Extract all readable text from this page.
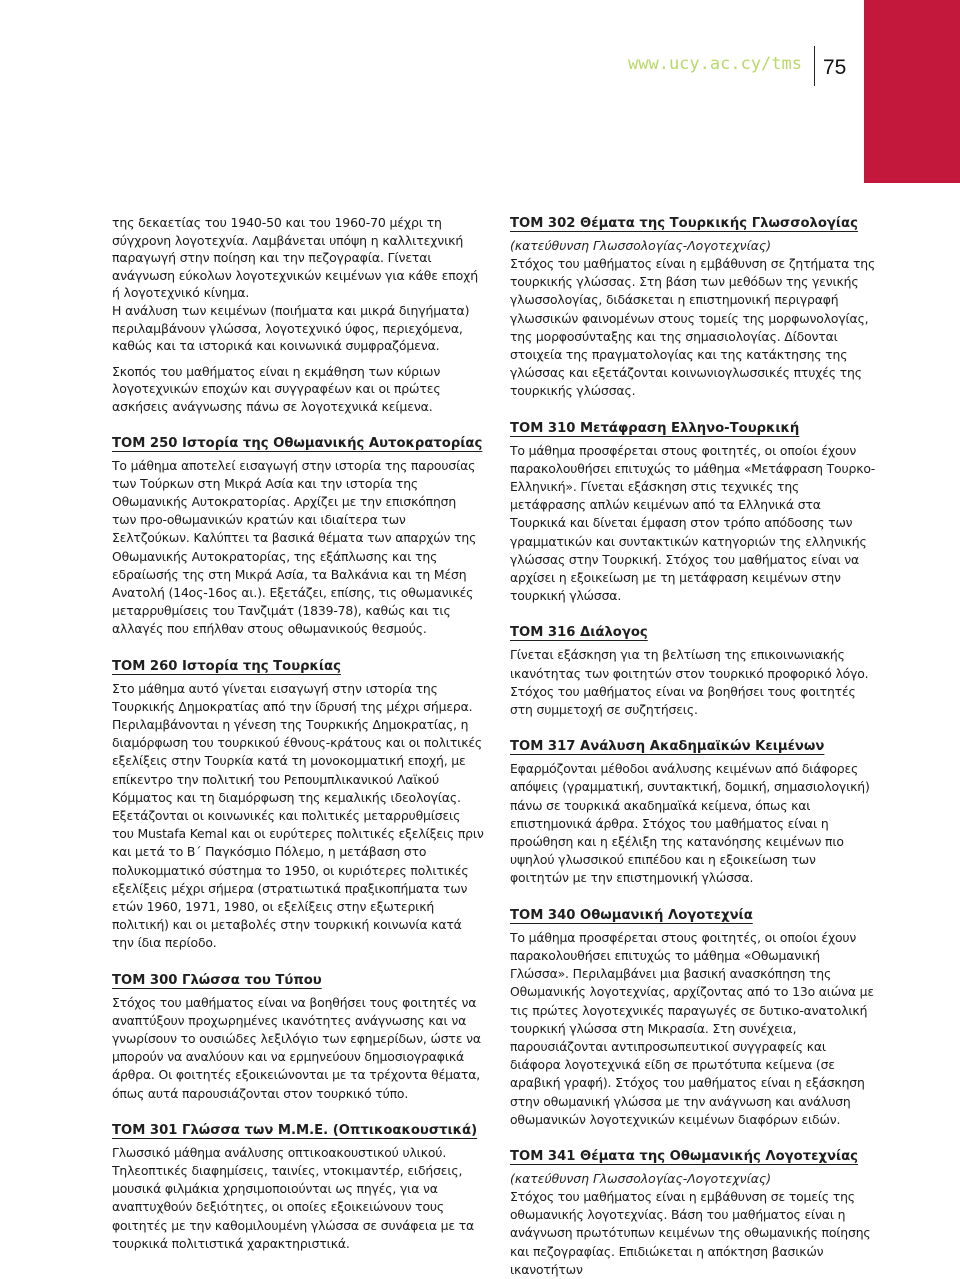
www.ucy.ac.cy/tms 75

της δεκαετίας του 1940-50 και του 1960-70 μέχρι τη σύγχρονη λογοτεχνία. Λαμβάνεται υπόψη η καλλιτεχνική παραγωγή στην ποίηση και την πεζογραφία. Γίνεται ανάγνωση εύκολων λογοτεχνικών κειμένων για κάθε εποχή ή λογοτεχνικό κίνημα.

Η ανάλυση των κειμένων (ποιήματα και μικρά διηγήματα) περιλαμβάνουν γλώσσα, λογοτεχνικό ύφος, περιεχόμενα, καθώς και τα ιστορικά και κοινωνικά συμφραζόμενα.

Σκοπός του μαθήματος είναι η εκμάθηση των κύριων λογοτεχνικών εποχών και συγγραφέων και οι πρώτες ασκήσεις ανάγνωσης πάνω σε λογοτεχνικά κείμενα.

ΤΟΜ 250 Ιστορία της Οθωμανικής Αυτοκρατορίας

Το μάθημα αποτελεί εισαγωγή στην ιστορία της παρουσίας των Τούρκων στη Μικρά Ασία και την ιστορία της Οθωμανικής Αυτοκρατορίας. Αρχίζει με την επισκόπηση των προ-οθωμανικών κρατών και ιδιαίτερα των Σελτζούκων. Καλύπτει τα βασικά θέματα των απαρχών της Οθωμανικής Αυτοκρατορίας, της εξάπλωσης και της εδραίωσής της στη Μικρά Ασία, τα Βαλκάνια και τη Μέση Ανατολή (14ος-16ος αι.). Εξετάζει, επίσης, τις οθωμανικές μεταρρυθμίσεις του Τανζιμάτ (1839-78), καθώς και τις αλλαγές που επήλθαν στους οθωμανικούς θεσμούς.

ΤΟΜ 260 Ιστορία της Τουρκίας

Στο μάθημα αυτό γίνεται εισαγωγή στην ιστορία της Τουρκικής Δημοκρατίας από την ίδρυσή της μέχρι σήμερα. Περιλαμβάνονται η γένεση της Τουρκικής Δημοκρατίας, η διαμόρφωση του τουρκικού έθνους-κράτους και οι πολιτικές εξελίξεις στην Τουρκία κατά τη μονοκομματική εποχή, με επίκεντρο την πολιτική του Ρεπουμπλικανικού Λαϊκού Κόμματος και τη διαμόρφωση της κεμαλικής ιδεολογίας. Εξετάζονται οι κοινωνικές και πολιτικές μεταρρυθμίσεις του Mustafa Kemal και οι ευρύτερες πολιτικές εξελίξεις πριν και μετά το Β΄ Παγκόσμιο Πόλεμο, η μετάβαση στο πολυκομματικό σύστημα το 1950, οι κυριότερες πολιτικές εξελίξεις μέχρι σήμερα (στρατιωτικά πραξικοπήματα των ετών 1960, 1971, 1980, οι εξελίξεις στην εξωτερική πολιτική) και οι μεταβολές στην τουρκική κοινωνία κατά την ίδια περίοδο.

ΤΟΜ 300 Γλώσσα του Τύπου

Στόχος του μαθήματος είναι να βοηθήσει τους φοιτητές να αναπτύξουν προχωρημένες ικανότητες ανάγνωσης και να γνωρίσουν το ουσιώδες λεξιλόγιο των εφημερίδων, ώστε να μπορούν να αναλύουν και να ερμηνεύουν δημοσιογραφικά άρθρα. Οι φοιτητές εξοικειώνονται με τα τρέχοντα θέματα, όπως αυτά παρουσιάζονται στον τουρκικό τύπο.

ΤΟΜ 301 Γλώσσα των Μ.Μ.Ε. (Οπτικοακουστικά)

Γλωσσικό μάθημα ανάλυσης οπτικοακουστικού υλικού. Τηλεοπτικές διαφημίσεις, ταινίες, ντοκιμαντέρ, ειδήσεις, μουσικά φιλμάκια χρησιμοποιούνται ως πηγές, για να αναπτυχθούν δεξιότητες, οι οποίες εξοικειώνουν τους φοιτητές με την καθομιλουμένη γλώσσα σε συνάφεια με τα τουρκικά πολιτιστικά χαρακτηριστικά.

ΤΟΜ 302 Θέματα της Τουρκικής Γλωσσολογίας

(κατεύθυνση Γλωσσολογίας-Λογοτεχνίας)

Στόχος του μαθήματος είναι η εμβάθυνση σε ζητήματα της τουρκικής γλώσσας. Στη βάση των μεθόδων της γενικής γλωσσολογίας, διδάσκεται η επιστημονική περιγραφή γλωσσικών φαινομένων στους τομείς της μορφωνολογίας, της μορφοσύνταξης και της σημασιολογίας. Δίδονται στοιχεία της πραγματολογίας και της κατάκτησης της γλώσσας και εξετάζονται κοινωνιογλωσσικές πτυχές της τουρκικής γλώσσας.

ΤΟΜ 310 Μετάφραση Ελληνο-Τουρκική

Το μάθημα προσφέρεται στους φοιτητές, οι οποίοι έχουν παρακολουθήσει επιτυχώς το μάθημα «Μετάφραση Τουρκο-Ελληνική». Γίνεται εξάσκηση στις τεχνικές της μετάφρασης απλών κειμένων από τα Ελληνικά στα Τουρκικά και δίνεται έμφαση στον τρόπο απόδοσης των γραμματικών και συντακτικών κατηγοριών της ελληνικής γλώσσας στην Τουρκική. Στόχος του μαθήματος είναι να αρχίσει η εξοικείωση με τη μετάφραση κειμένων στην τουρκική γλώσσα.

ΤΟΜ 316 Διάλογος

Γίνεται εξάσκηση για τη βελτίωση της επικοινωνιακής ικανότητας των φοιτητών στον τουρκικό προφορικό λόγο. Στόχος του μαθήματος είναι να βοηθήσει τους φοιτητές στη συμμετοχή σε συζητήσεις.

ΤΟΜ 317 Ανάλυση Ακαδημαϊκών Κειμένων

Εφαρμόζονται μέθοδοι ανάλυσης κειμένων από διάφορες απόψεις (γραμματική, συντακτική, δομική, σημασιολογική) πάνω σε τουρκικά ακαδημαϊκά κείμενα, όπως και επιστημονικά άρθρα. Στόχος του μαθήματος είναι η προώθηση και η εξέλιξη της κατανόησης κειμένων πιο υψηλού γλωσσικού επιπέδου και η εξοικείωση των φοιτητών με την επιστημονική γλώσσα.

ΤΟΜ 340 Οθωμανική Λογοτεχνία

Το μάθημα προσφέρεται στους φοιτητές, οι οποίοι έχουν παρακολουθήσει επιτυχώς το μάθημα «Οθωμανική Γλώσσα». Περιλαμβάνει μια βασική ανασκόπηση της Οθωμανικής λογοτεχνίας, αρχίζοντας από το 13ο αιώνα με τις πρώτες λογοτεχνικές παραγωγές σε δυτικο-ανατολική τουρκική γλώσσα στη Μικρασία. Στη συνέχεια, παρουσιάζονται αντιπροσωπευτικοί συγγραφείς και διάφορα λογοτεχνικά είδη σε πρωτότυπα κείμενα (σε αραβική γραφή). Στόχος του μαθήματος είναι η εξάσκηση στην οθωμανική γλώσσα με την ανάγνωση και ανάλυση οθωμανικών λογοτεχνικών κειμένων διαφόρων ειδών.

ΤΟΜ 341 Θέματα της Οθωμανικής Λογοτεχνίας

(κατεύθυνση Γλωσσολογίας-Λογοτεχνίας)

Στόχος του μαθήματος είναι η εμβάθυνση σε τομείς της οθωμανικής λογοτεχνίας. Βάση του μαθήματος είναι η ανάγνωση πρωτότυπων κειμένων της οθωμανικής ποίησης και πεζογραφίας. Επιδιώκεται η απόκτηση βασικών ικανοτήτων
